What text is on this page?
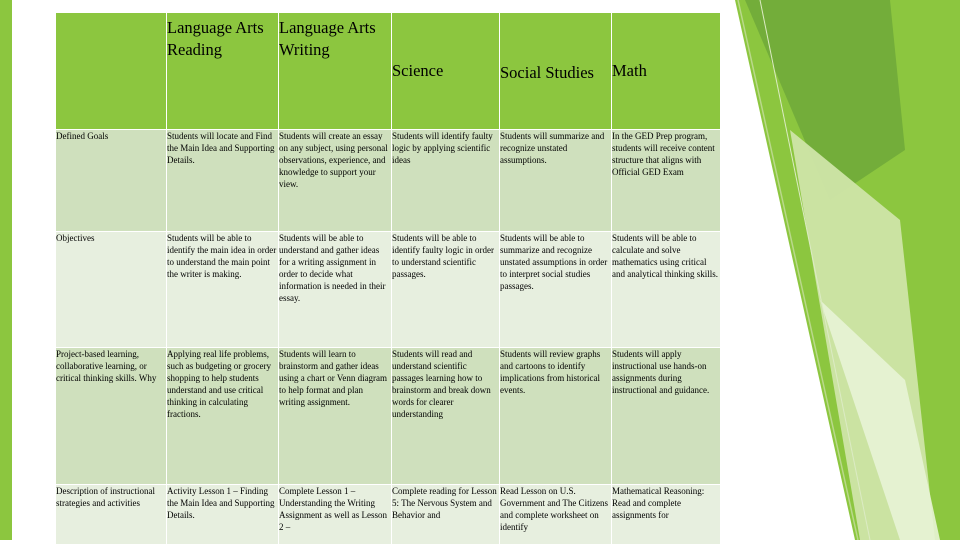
	Language Arts Reading	Language Arts Writing	Science	Social Studies	Math
Defined Goals	Students will locate and Find the Main Idea and Supporting Details.	Students will create an essay on any subject, using personal observations, experience, and knowledge to support your view.	Students will identify faulty logic by applying scientific ideas	Students will summarize and recognize unstated assumptions.	In the GED Prep program, students will receive content structure that aligns with Official GED Exam
Objectives	Students will be able to identify the main idea in order to understand the main point the writer is making.	Students will be able to understand and gather ideas for a writing assignment in order to decide what information is needed in their essay.	Students will be able to identify faulty logic in order to understand scientific passages.	Students will be able to summarize and recognize unstated assumptions in order to interpret social studies passages.	Students will be able to calculate and solve mathematics using critical and analytical thinking skills.
Project-based learning, collaborative learning, or critical thinking skills. Why	Applying real life problems, such as budgeting or grocery shopping to help students understand and use critical thinking in calculating fractions.	Students will learn to brainstorm and gather ideas using a chart or Venn diagram to help format and plan writing assignment.	Students will read and understand scientific passages learning how to brainstorm and break down words for clearer understanding	Students will review graphs and cartoons to identify implications from historical events.	Students will apply instructional use hands-on assignments during instructional and guidance.
Description of instructional strategies and activities	Activity Lesson 1 – Finding the Main Idea and Supporting Details.	Complete Lesson 1 – Understanding the Writing Assignment as well as Lesson 2 –	Complete reading for Lesson 5: The Nervous System and Behavior and	Read Lesson on U.S. Government and The Citizens and complete worksheet on identify	Mathematical Reasoning: Read and complete assignments for
